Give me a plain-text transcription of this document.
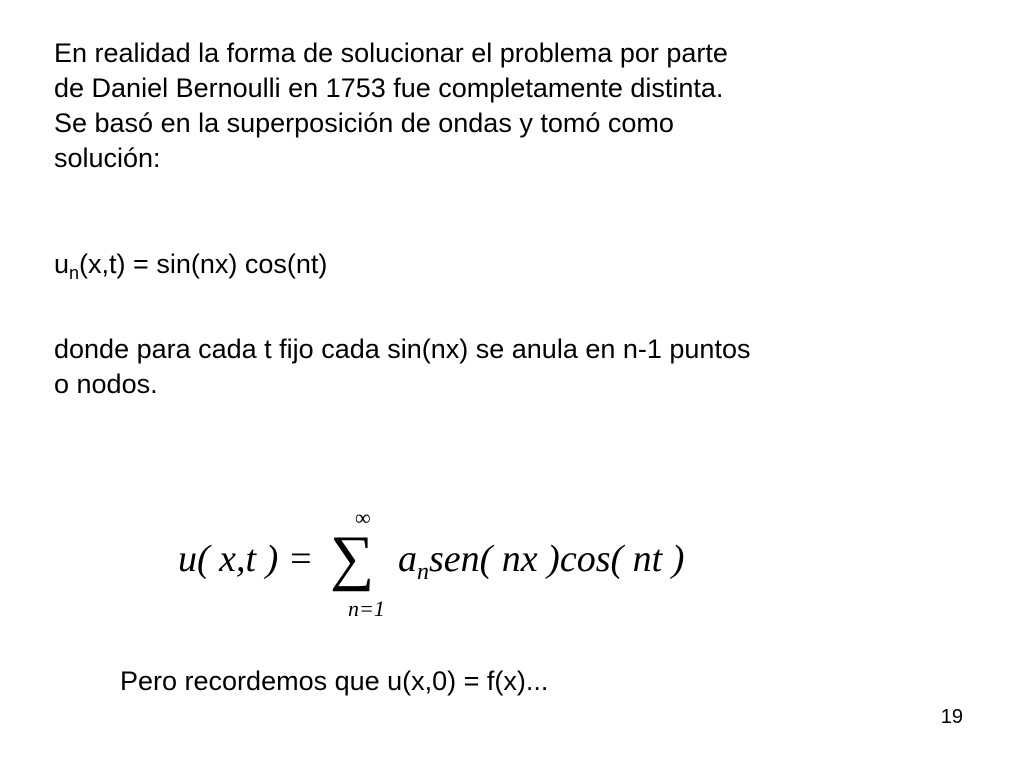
En realidad la forma de solucionar el problema por parte
de Daniel Bernoulli en 1753 fue completamente distinta.
Se basó en la superposición de ondas y tomó como
solución:
$u_n(x,t) = \sin(nx)$ cos(nt)
donde para cada t fijo cada sin(nx) se anula en n-1 puntos
o nodos.
u( x,t ) =
∞
∑
n=1
$a_nsen$( nx )cos( nt )
Pero recordemos que u(x,0) = f(x)...
19
